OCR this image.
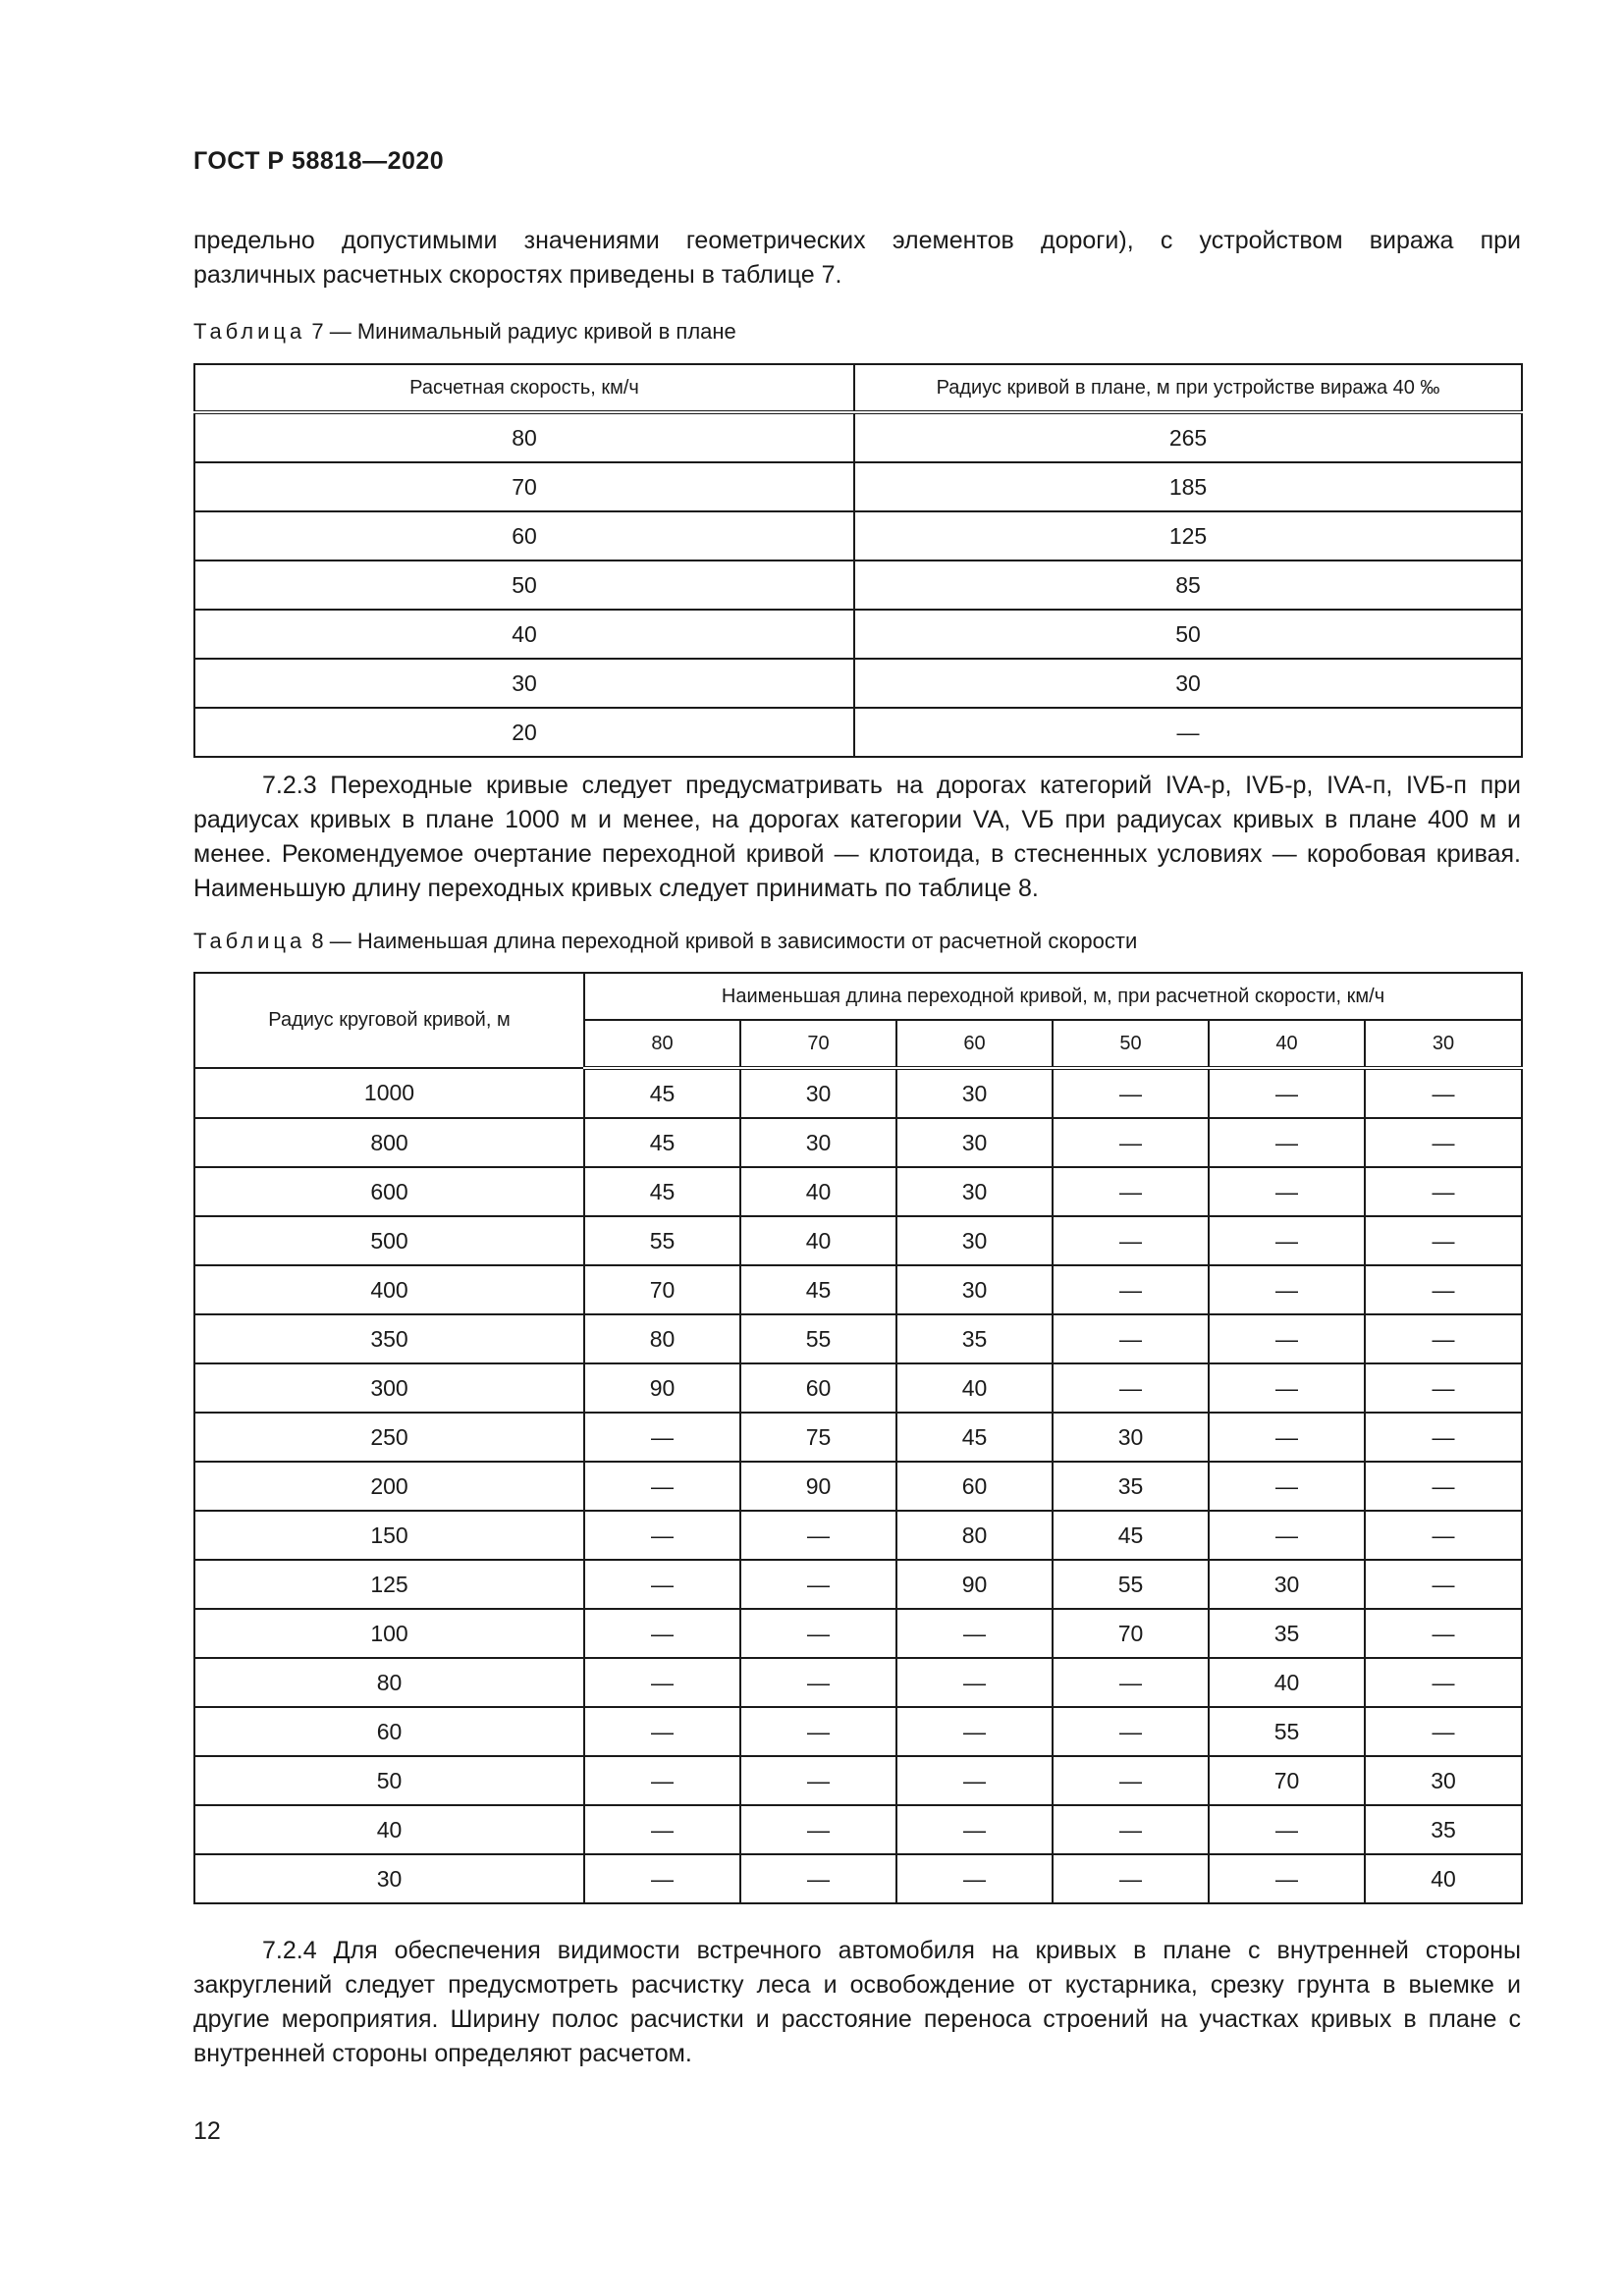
ГОСТ Р 58818—2020

предельно допустимыми значениями геометрических элементов дороги), с устройством виража при

различных расчетных скоростях приведены в таблице 7.

Таблица 7 — Минимальный радиус кривой в плане
Расчетная скорость, км/ч	Радиус кривой в плане, м при устройстве виража 40 ‰
80	265
70	185
60	125
50	85
40	50
30	30
20	—

7.2.3 Переходные кривые следует предусматривать на дорогах категорий IVA-р, IVБ-р, IVA-п, IVБ-п при радиусах кривых в плане 1000 м и менее, на дорогах категории VA, VБ при радиусах кривых в плане 400 м и менее. Рекомендуемое очертание переходной кривой — клотоида, в стесненных условиях — коробовая кривая. Наименьшую длину переходных кривых следует принимать по таблице 8.

Таблица 8 — Наименьшая длина переходной кривой в зависимости от расчетной скорости
Радиус круговой кривой, м	Наименьшая длина переходной кривой, м, при расчетной скорости, км/ч					
	80	70	60	50	40	30
1000	45	30	30	—	—	—
800	45	30	30	—	—	—
600	45	40	30	—	—	—
500	55	40	30	—	—	—
400	70	45	30	—	—	—
350	80	55	35	—	—	—
300	90	60	40	—	—	—
250	—	75	45	30	—	—
200	—	90	60	35	—	—
150	—	—	80	45	—	—
125	—	—	90	55	30	—
100	—	—	—	70	35	—
80	—	—	—	—	40	—
60	—	—	—	—	55	—
50	—	—	—	—	70	30
40	—	—	—	—	—	35
30	—	—	—	—	—	40

7.2.4 Для обеспечения видимости встречного автомобиля на кривых в плане с внутренней стороны закруглений следует предусмотреть расчистку леса и освобождение от кустарника, срезку грунта в выемке и другие мероприятия. Ширину полос расчистки и расстояние переноса строений на участках кривых в плане с внутренней стороны определяют расчетом.

12
